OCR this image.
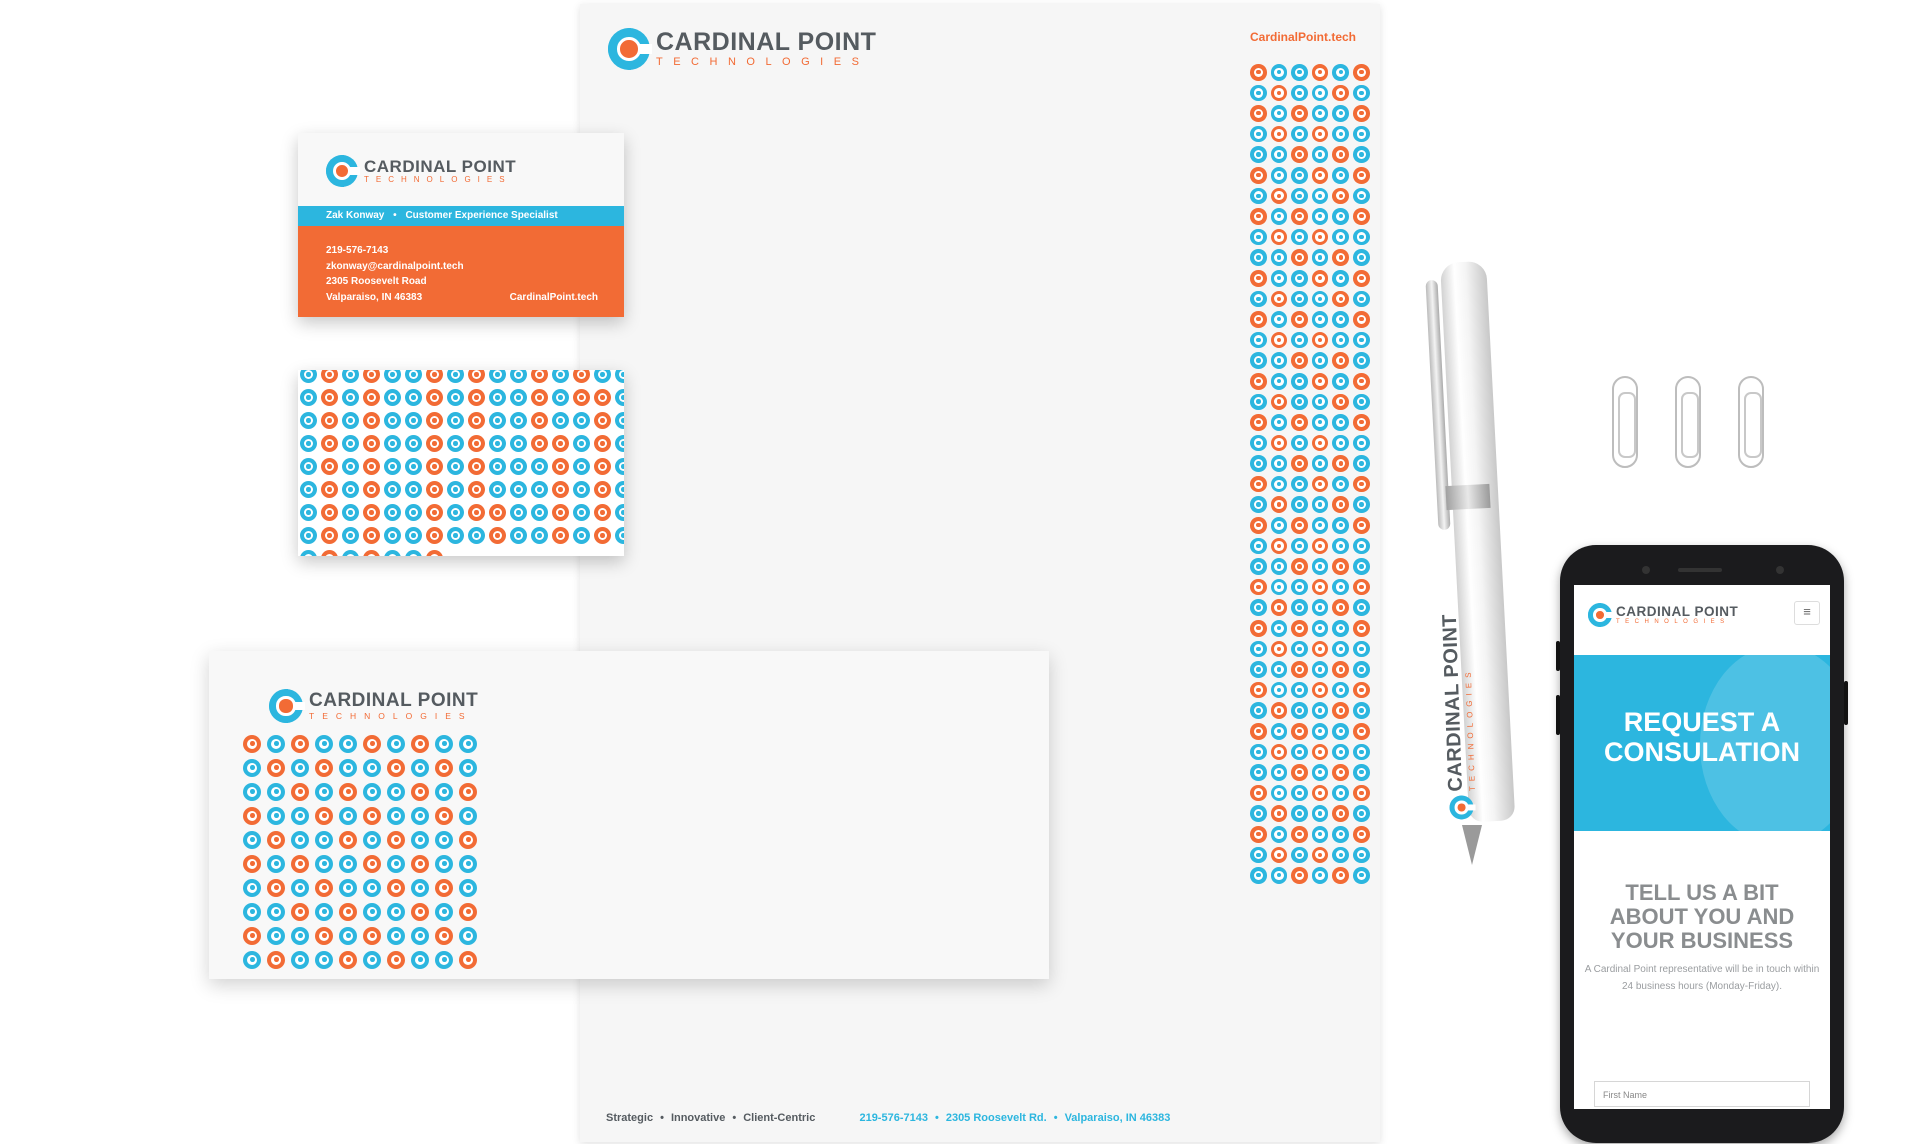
CARDINAL POINT
TECHNOLOGIES
CardinalPoint.tech
Strategic • Innovative • Client-Centric	219-576-7143 • 2305 Roosevelt Rd. • Valparaiso, IN 46383
CARDINAL POINT
TECHNOLOGIES
Zak Konway • Customer Experience Specialist
219-576-7143
zkonway@cardinalpoint.tech
2305 Roosevelt Road
Valparaiso, IN 46383	CardinalPoint.tech
CARDINAL POINT
TECHNOLOGIES	CARDINAL POINT
TECHNOLOGIES
CARDINAL POINT
TECHNOLOGIES
≡
REQUEST A
CONSULATION
TELL US A BIT
ABOUT YOU AND
YOUR BUSINESS
A Cardinal Point representative will be in touch within 24 business hours (Monday-Friday).
First Name
